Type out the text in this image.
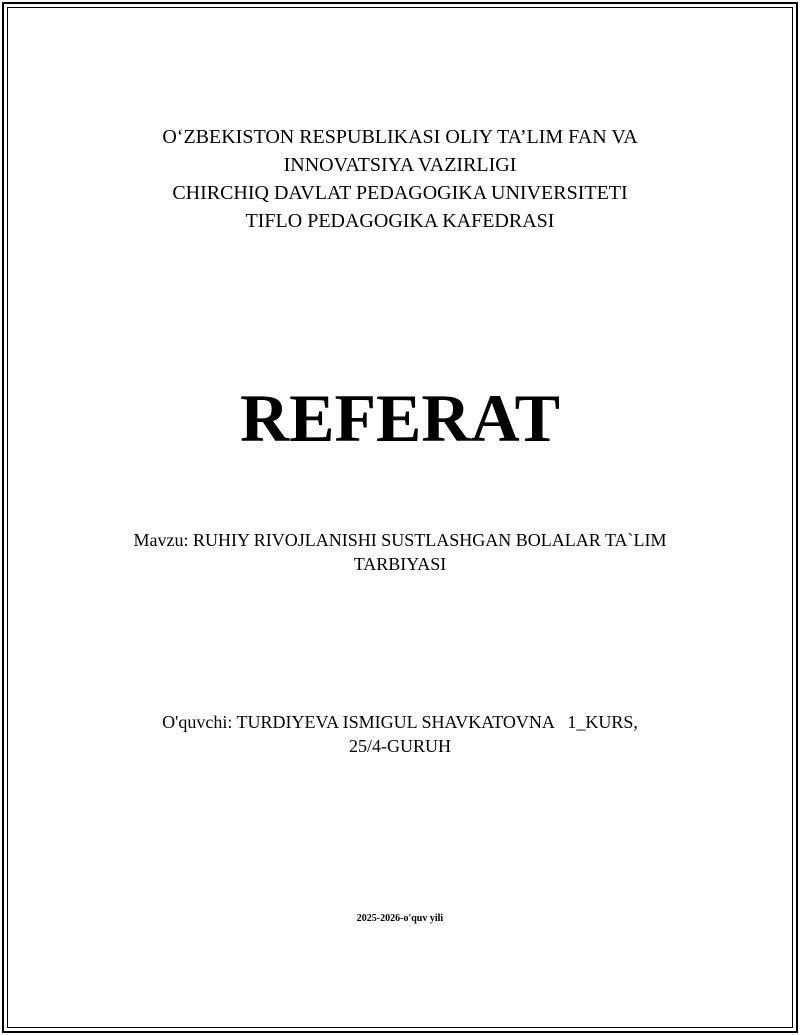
O‘ZBEKISTON RESPUBLIKASI OLIY TA’LIM FAN VA
INNOVATSIYA VAZIRLIGI
CHIRCHIQ DAVLAT PEDAGOGIKA UNIVERSITETI
TIFLO PEDAGOGIKA KAFEDRASI
REFERAT
Mavzu: RUHIY RIVOJLANISHI SUSTLASHGAN BOLALAR TA`LIM
TARBIYASI
O'quvchi: TURDIYEVA ISMIGUL SHAVKATOVNA   1_KURS,
25/4-GURUH
2025-2026-o'quv yili
